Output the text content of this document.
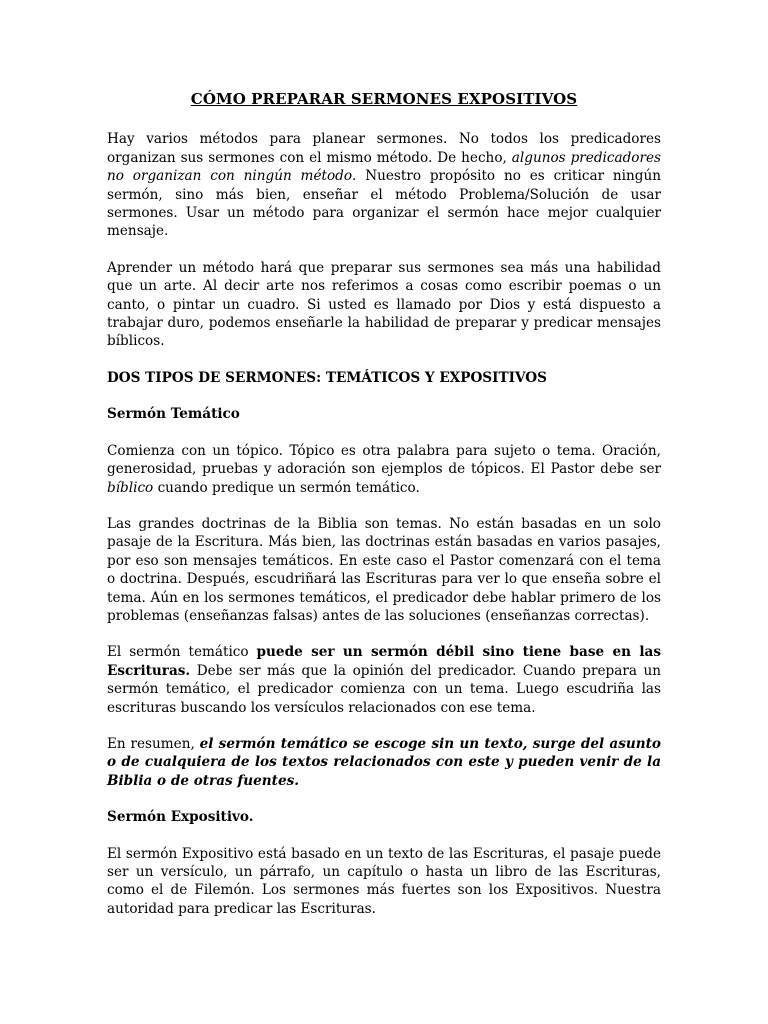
CÓMO PREPARAR SERMONES EXPOSITIVOS

Hay varios métodos para planear sermones. No todos los predicadores organizan sus sermones con el mismo método. De hecho, algunos predicadores no organizan con ningún método. Nuestro propósito no es criticar ningún sermón, sino más bien, enseñar el método Problema/Solución de usar sermones. Usar un método para organizar el sermón hace mejor cualquier mensaje.

Aprender un método hará que preparar sus sermones sea más una habilidad que un arte. Al decir arte nos referimos a cosas como escribir poemas o un canto, o pintar un cuadro. Si usted es llamado por Dios y está dispuesto a trabajar duro, podemos enseñarle la habilidad de preparar y predicar mensajes bíblicos.

DOS TIPOS DE SERMONES: TEMÁTICOS Y EXPOSITIVOS
Sermón Temático

Comienza con un tópico. Tópico es otra palabra para sujeto o tema. Oración, generosidad, pruebas y adoración son ejemplos de tópicos. El Pastor debe ser bíblico cuando predique un sermón temático.

Las grandes doctrinas de la Biblia son temas. No están basadas en un solo pasaje de la Escritura. Más bien, las doctrinas están basadas en varios pasajes, por eso son mensajes temáticos. En este caso el Pastor comenzará con el tema o doctrina. Después, escudriñará las Escrituras para ver lo que enseña sobre el tema. Aún en los sermones temáticos, el predicador debe hablar primero de los problemas (enseñanzas falsas) antes de las soluciones (enseñanzas correctas).

El sermón temático puede ser un sermón débil sino tiene base en las Escrituras. Debe ser más que la opinión del predicador. Cuando prepara un sermón temático, el predicador comienza con un tema. Luego escudriña las escrituras buscando los versículos relacionados con ese tema.

En resumen, el sermón temático se escoge sin un texto, surge del asunto o de cualquiera de los textos relacionados con este y pueden venir de la Biblia o de otras fuentes.

Sermón Expositivo.

El sermón Expositivo está basado en un texto de las Escrituras, el pasaje puede ser un versículo, un párrafo, un capítulo o hasta un libro de las Escrituras, como el de Filemón. Los sermones más fuertes son los Expositivos. Nuestra autoridad para predicar las Escrituras.
